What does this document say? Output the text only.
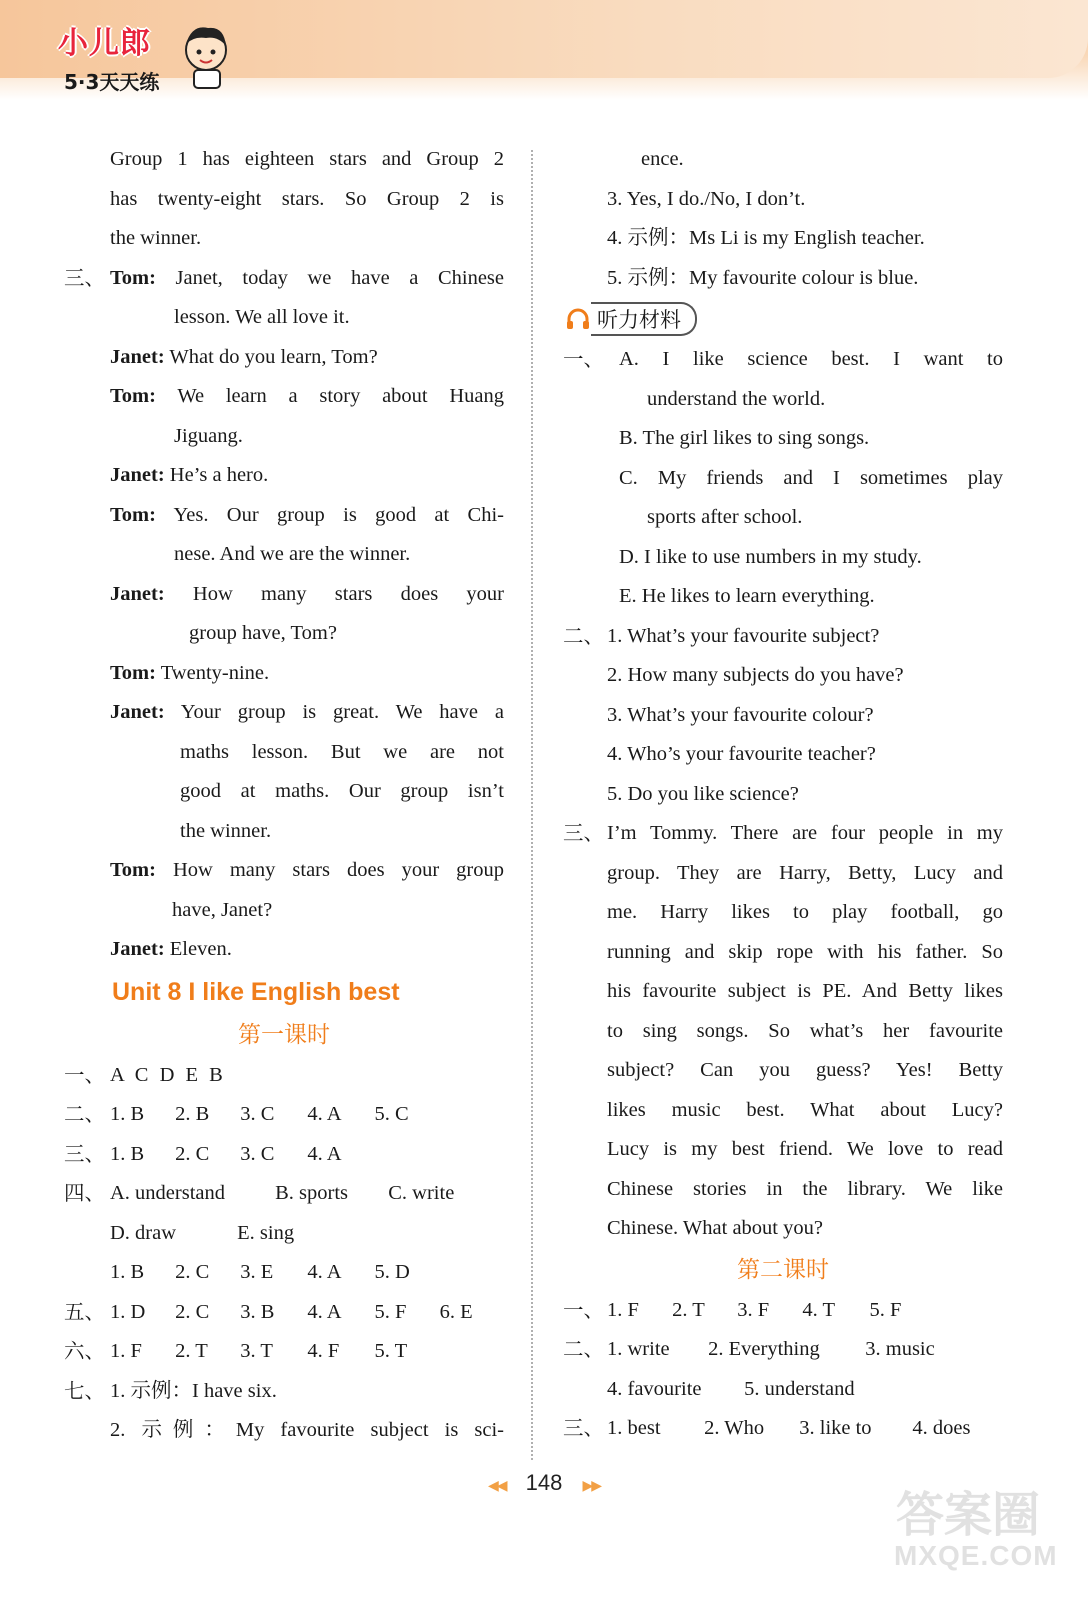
小儿郎
5·3天天练
Group 1 has eighteen stars and Group 2
has twenty-eight stars. So Group 2 is
the winner.
三、 Tom: Janet, today we have a Chinese
lesson. We all love it.
Janet: What do you learn, Tom?
Tom: We learn a story about Huang
Jiguang.
Janet: He’s a hero.
Tom: Yes. Our group is good at Chi-
nese. And we are the winner.
Janet: How many stars does your
group have, Tom?
Tom: Twenty-nine.
Janet: Your group is great. We have a
maths lesson. But we are not
good at maths. Our group isn’t
the winner.
Tom: How many stars does your group
have, Janet?
Janet: Eleven.
Unit 8 I like English best
第一课时
一、 A C D E B
二、 1. B 2. B 3. C 4. A 5. C
三、 1. B 2. C 3. C 4. A
四、 A. understand B. sports C. write
D. draw	E. sing
1. B 2. C 3. E 4. A 5. D
五、 1. D 2. C 3. B 4. A 5. F 6. E
六、 1. F 2. T 3. T 4. F 5. T
七、 1. 示例：I have six.
2. 示例：My favourite subject is sci-
ence.
3. Yes, I do./No, I don’t.
4. 示例：Ms Li is my English teacher.
5. 示例：My favourite colour is blue.
听力材料
一、 A. I like science best. I want to
understand the world.
B. The girl likes to sing songs.
C. My friends and I sometimes play
sports after school.
D. I like to use numbers in my study.
E. He likes to learn everything.
二、 1. What’s your favourite subject?
2. How many subjects do you have?
3. What’s your favourite colour?
4. Who’s your favourite teacher?
5. Do you like science?
三、 I’m Tommy. There are four people in my
group. They are Harry, Betty, Lucy and
me. Harry likes to play football, go
running and skip rope with his father. So
his favourite subject is PE. And Betty likes
to sing songs. So what’s her favourite
subject? Can you guess? Yes! Betty
likes music best. What about Lucy?
Lucy is my best friend. We love to read
Chinese stories in the library. We like
Chinese. What about you?
第二课时
一、 1. F 2. T 3. F 4. T 5. F
二、 1. write 2. Everything 3. music
4. favourite 5. understand
三、 1. best 2. Who 3. like to 4. does
◀◀ 148 ▶▶
答案圈
MXQE.COM
